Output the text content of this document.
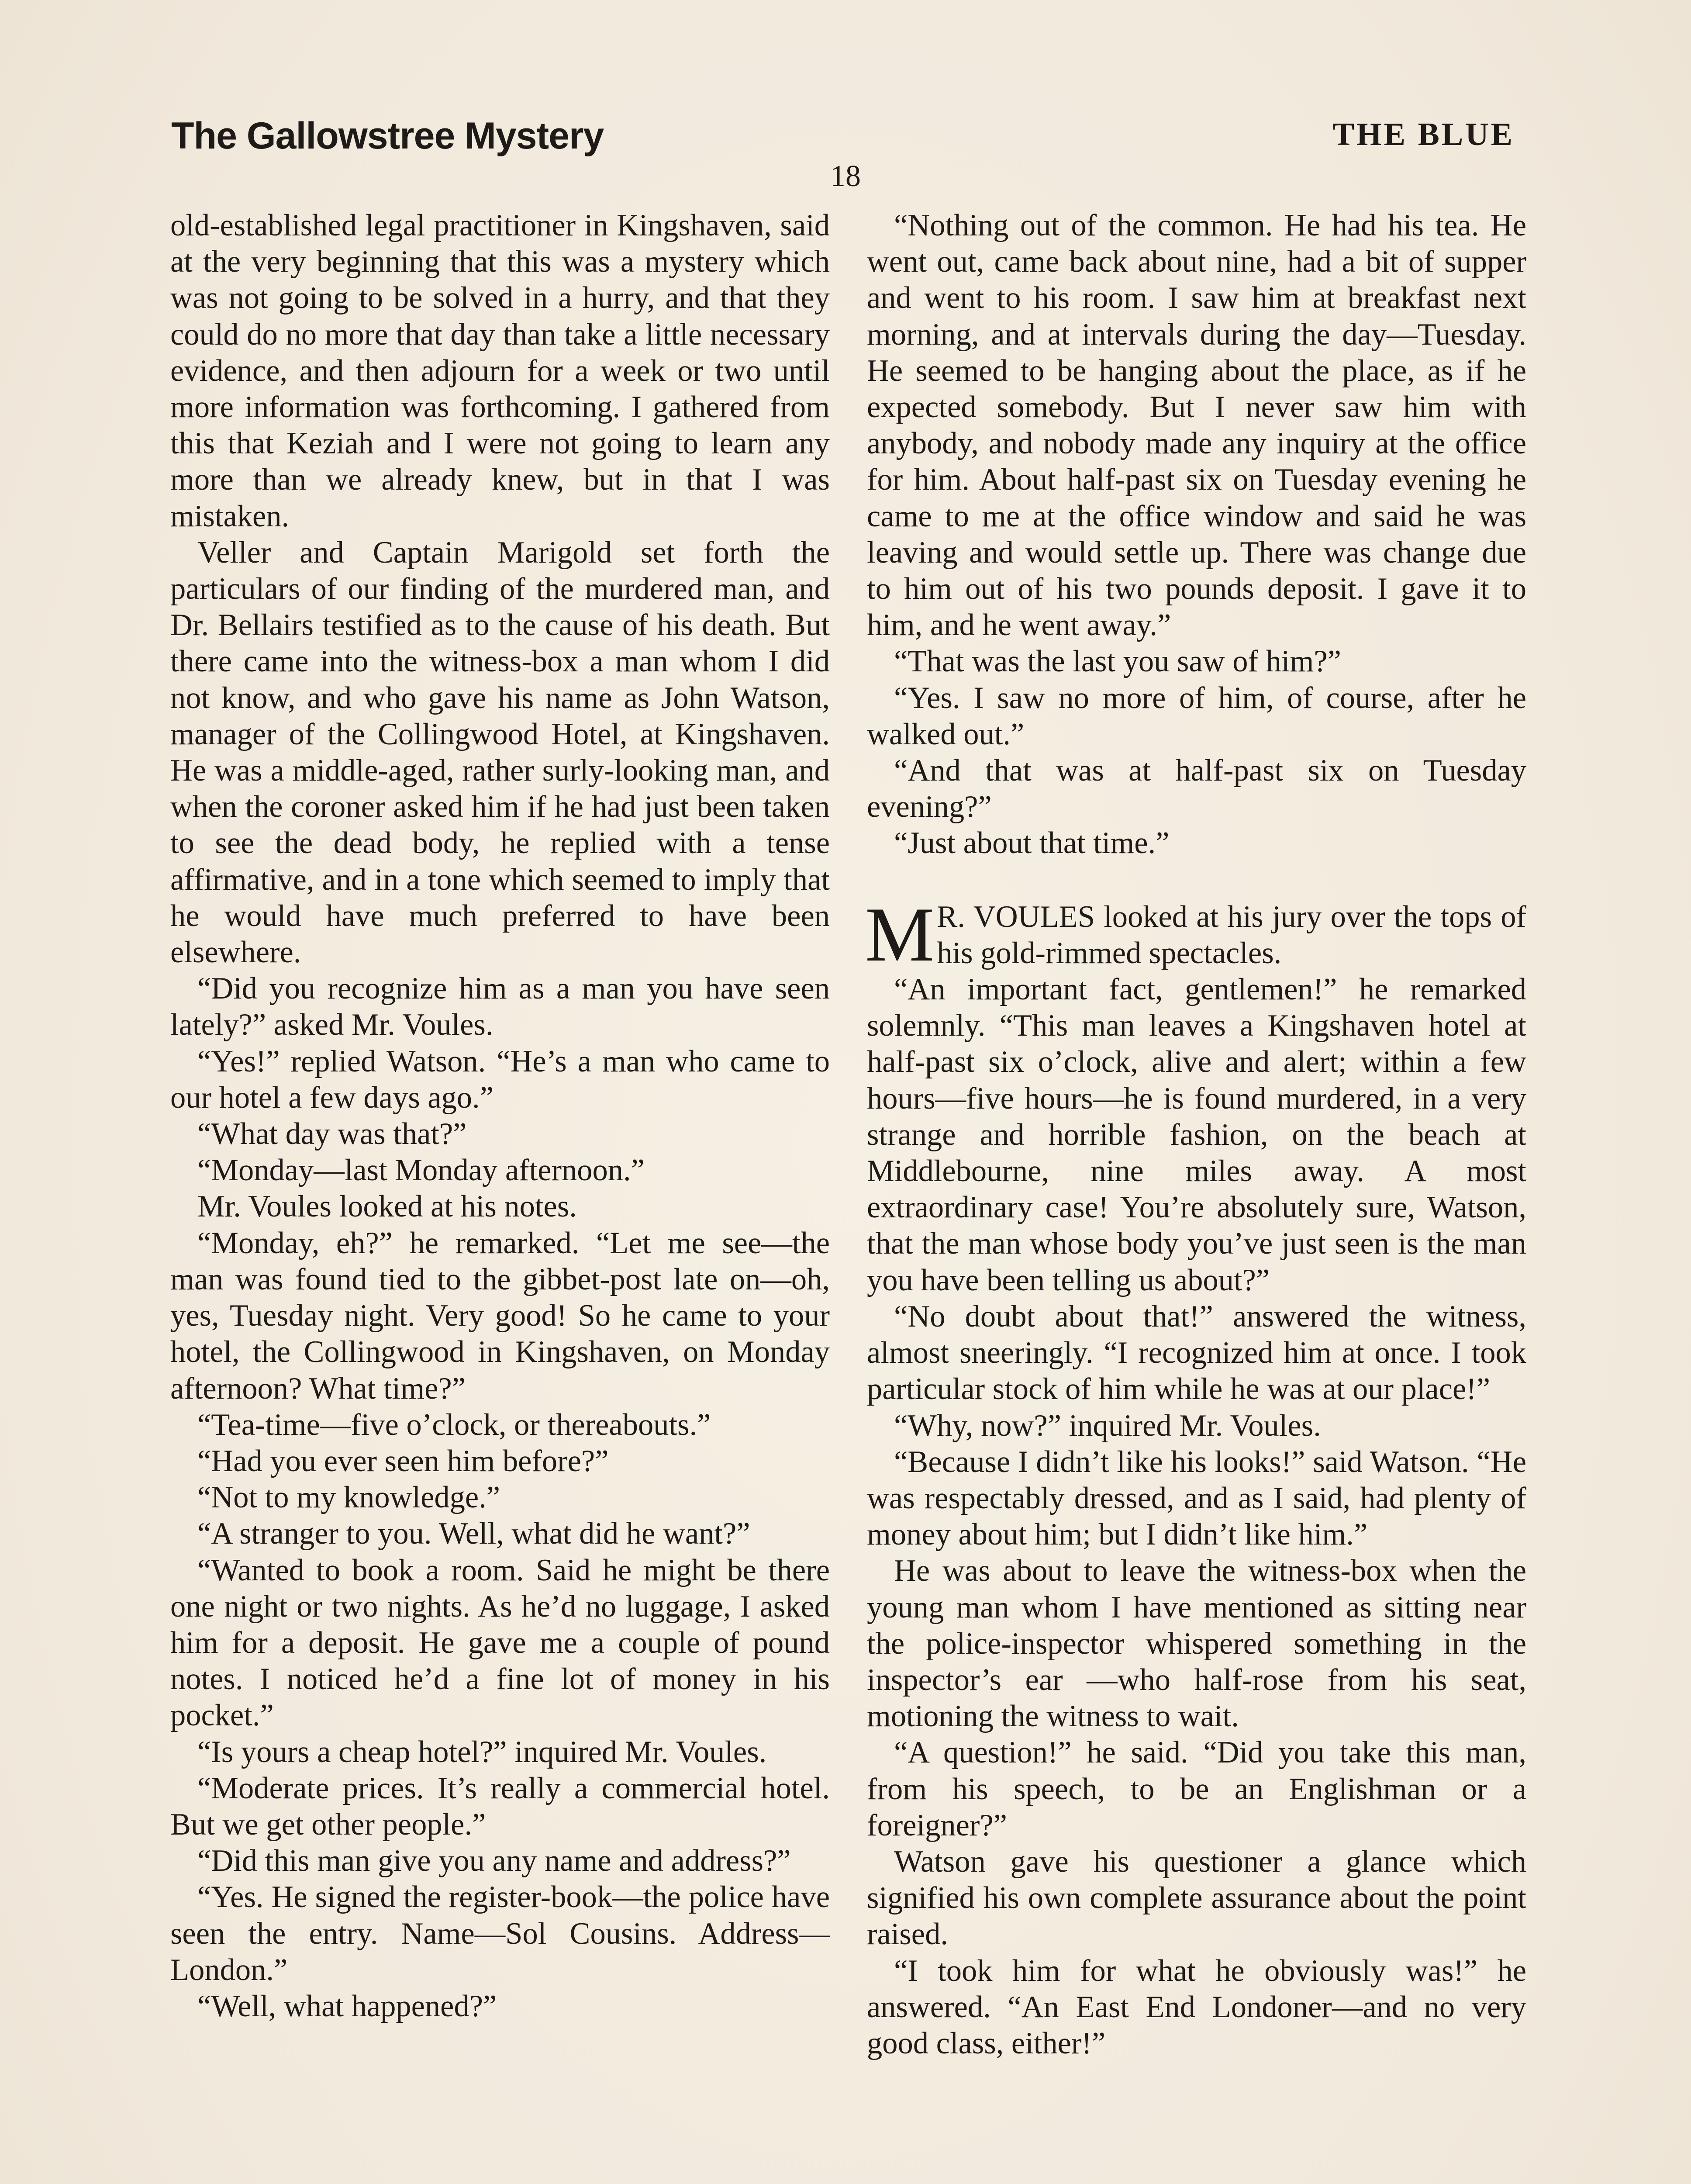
The Gallowstree Mystery	THE BLUE
18

old-established legal practitioner in Kingshaven, said at the very beginning that this was a mystery which was not going to be solved in a hurry, and that they could do no more that day than take a little necessary evidence, and then adjourn for a week or two until more information was forthcoming. I gathered from this that Keziah and I were not going to learn any more than we already knew, but in that I was mistaken.

Veller and Captain Marigold set forth the particulars of our finding of the murdered man, and Dr. Bellairs testified as to the cause of his death. But there came into the witness-box a man whom I did not know, and who gave his name as John Watson, manager of the Collingwood Hotel, at Kingshaven. He was a middle-aged, rather surly-looking man, and when the coroner asked him if he had just been taken to see the dead body, he replied with a tense affirmative, and in a tone which seemed to imply that he would have much preferred to have been elsewhere.

“Did you recognize him as a man you have seen lately?” asked Mr. Voules.

“Yes!” replied Watson. “He’s a man who came to our hotel a few days ago.”

“What day was that?”

“Monday—last Monday afternoon.”

Mr. Voules looked at his notes.

“Monday, eh?” he remarked. “Let me see—the man was found tied to the gibbet-post late on—oh, yes, Tuesday night. Very good! So he came to your hotel, the Collingwood in Kingshaven, on Monday afternoon? What time?”

“Tea-time—five o’clock, or thereabouts.”

“Had you ever seen him before?”

“Not to my knowledge.”

“A stranger to you. Well, what did he want?”

“Wanted to book a room. Said he might be there one night or two nights. As he’d no luggage, I asked him for a deposit. He gave me a couple of pound notes. I noticed he’d a fine lot of money in his pocket.”

“Is yours a cheap hotel?” inquired Mr. Voules.

“Moderate prices. It’s really a commercial hotel. But we get other people.”

“Did this man give you any name and address?”

“Yes. He signed the register-book—the police have seen the entry. Name—Sol Cousins. Address—London.”

“Well, what happened?”

“Nothing out of the common. He had his tea. He went out, came back about nine, had a bit of supper and went to his room. I saw him at breakfast next morning, and at intervals during the day—Tuesday. He seemed to be hanging about the place, as if he expected somebody. But I never saw him with anybody, and nobody made any inquiry at the office for him. About half-past six on Tuesday evening he came to me at the office window and said he was leaving and would settle up. There was change due to him out of his two pounds deposit. I gave it to him, and he went away.”

“That was the last you saw of him?”

“Yes. I saw no more of him, of course, after he walked out.”

“And that was at half-past six on Tuesday evening?”

“Just about that time.”

M R. VOULES looked at his jury over the tops of his gold-rimmed spectacles.

“An important fact, gentlemen!” he remarked solemnly. “This man leaves a Kingshaven hotel at half-past six o’clock, alive and alert; within a few hours—five hours—he is found murdered, in a very strange and horrible fashion, on the beach at Middlebourne, nine miles away. A most extraordinary case! You’re absolutely sure, Watson, that the man whose body you’ve just seen is the man you have been telling us about?”

“No doubt about that!” answered the witness, almost sneeringly. “I recognized him at once. I took particular stock of him while he was at our place!”

“Why, now?” inquired Mr. Voules.

“Because I didn’t like his looks!” said Watson. “He was respectably dressed, and as I said, had plenty of money about him; but I didn’t like him.”

He was about to leave the witness-box when the young man whom I have mentioned as sitting near the police-inspector whispered something in the inspector’s ear —who half-rose from his seat, motioning the witness to wait.

“A question!” he said. “Did you take this man, from his speech, to be an Englishman or a foreigner?”

Watson gave his questioner a glance which signified his own complete assurance about the point raised.

“I took him for what he obviously was!” he answered. “An East End Londoner—and no very good class, either!”
